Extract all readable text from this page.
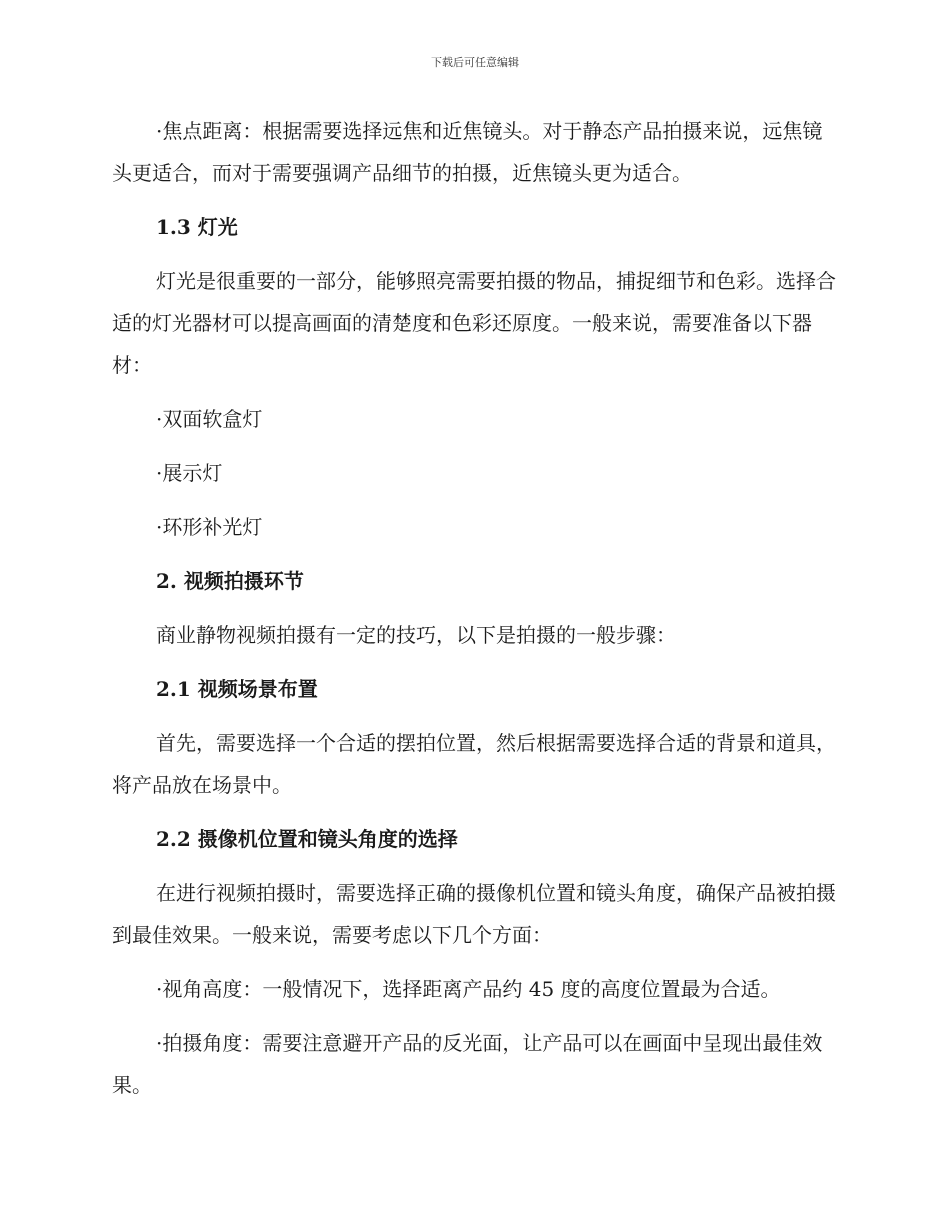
下载后可任意编辑

·焦点距离：根据需要选择远焦和近焦镜头。对于静态产品拍摄来说，远焦镜头更适合，而对于需要强调产品细节的拍摄，近焦镜头更为适合。

1.3 灯光

灯光是很重要的一部分，能够照亮需要拍摄的物品，捕捉细节和色彩。选择合适的灯光器材可以提高画面的清楚度和色彩还原度。一般来说，需要准备以下器材：

·双面软盒灯
·展示灯
·环形补光灯
2. 视频拍摄环节

商业静物视频拍摄有一定的技巧，以下是拍摄的一般步骤：

2.1 视频场景布置

首先，需要选择一个合适的摆拍位置，然后根据需要选择合适的背景和道具，将产品放在场景中。

2.2 摄像机位置和镜头角度的选择

在进行视频拍摄时，需要选择正确的摄像机位置和镜头角度，确保产品被拍摄到最佳效果。一般来说，需要考虑以下几个方面：

·视角高度：一般情况下，选择距离产品约 45 度的高度位置最为合适。

·拍摄角度：需要注意避开产品的反光面，让产品可以在画面中呈现出最佳效果。
